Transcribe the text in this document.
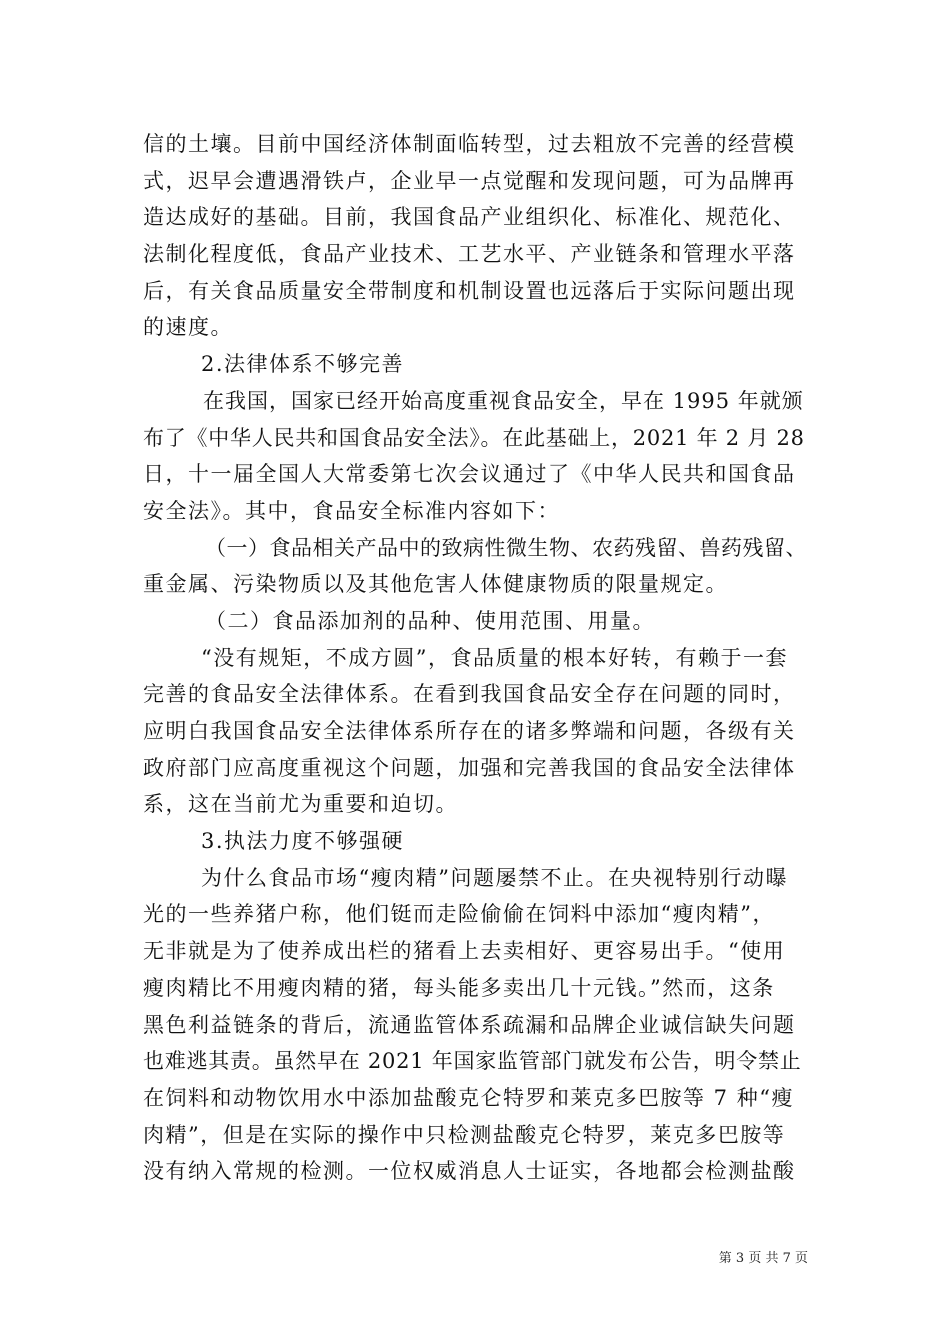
信的土壤。目前中国经济体制面临转型，过去粗放不完善的经营模
式，迟早会遭遇滑铁卢，企业早一点觉醒和发现问题，可为品牌再
造达成好的基础。目前，我国食品产业组织化、标准化、规范化、
法制化程度低，食品产业技术、工艺水平、产业链条和管理水平落
后，有关食品质量安全带制度和机制设置也远落后于实际问题出现
的速度。
2.法律体系不够完善
在我国，国家已经开始高度重视食品安全，早在 1995 年就颁
布了《中华人民共和国食品安全法》。在此基础上，2021 年 2 月 28
日，十一届全国人大常委第七次会议通过了《中华人民共和国食品
安全法》。其中，食品安全标准内容如下：
（一）食品相关产品中的致病性微生物、农药残留、兽药残留、
重金属、污染物质以及其他危害人体健康物质的限量规定。
（二）食品添加剂的品种、使用范围、用量。
“没有规矩，不成方圆”，食品质量的根本好转，有赖于一套
完善的食品安全法律体系。在看到我国食品安全存在问题的同时，
应明白我国食品安全法律体系所存在的诸多弊端和问题，各级有关
政府部门应高度重视这个问题，加强和完善我国的食品安全法律体
系，这在当前尤为重要和迫切。
3.执法力度不够强硬
为什么食品市场“瘦肉精”问题屡禁不止。在央视特别行动曝
光的一些养猪户称，他们铤而走险偷偷在饲料中添加“瘦肉精”，
无非就是为了使养成出栏的猪看上去卖相好、更容易出手。“使用
瘦肉精比不用瘦肉精的猪，每头能多卖出几十元钱。”然而，这条
黑色利益链条的背后，流通监管体系疏漏和品牌企业诚信缺失问题
也难逃其责。虽然早在 2021 年国家监管部门就发布公告，明令禁止
在饲料和动物饮用水中添加盐酸克仑特罗和莱克多巴胺等 7 种“瘦
肉精”，但是在实际的操作中只检测盐酸克仑特罗，莱克多巴胺等
没有纳入常规的检测。一位权威消息人士证实，各地都会检测盐酸
第 3 页 共 7 页
